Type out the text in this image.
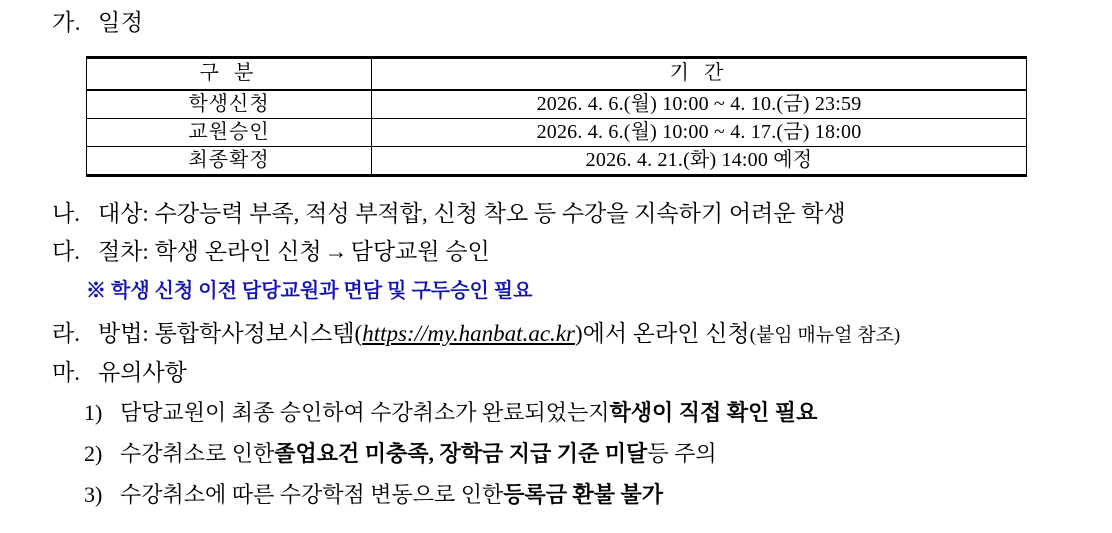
가. 일정
구 분	기 간
학생신청	2026. 4. 6.(월) 10:00 ~ 4. 10.(금) 23:59
교원승인	2026. 4. 6.(월) 10:00 ~ 4. 17.(금) 18:00
최종확정	2026. 4. 21.(화) 14:00 예정
나. 대상: 수강능력 부족, 적성 부적합, 신청 착오 등 수강을 지속하기 어려운 학생
다. 절차: 학생 온라인 신청 → 담당교원 승인
※ 학생 신청 이전 담당교원과 면담 및 구두승인 필요
라. 방법: 통합학사정보시스템( https://my.hanbat.ac.kr )에서 온라인 신청 (붙임 매뉴얼 참조)
마. 유의사항
1) 담당교원이 최종 승인하여 수강취소가 완료되었는지 학생이 직접 확인 필요
2) 수강취소로 인한 졸업요건 미충족, 장학금 지급 기준 미달 등 주의
3) 수강취소에 따른 수강학점 변동으로 인한 등록금 환불 불가
